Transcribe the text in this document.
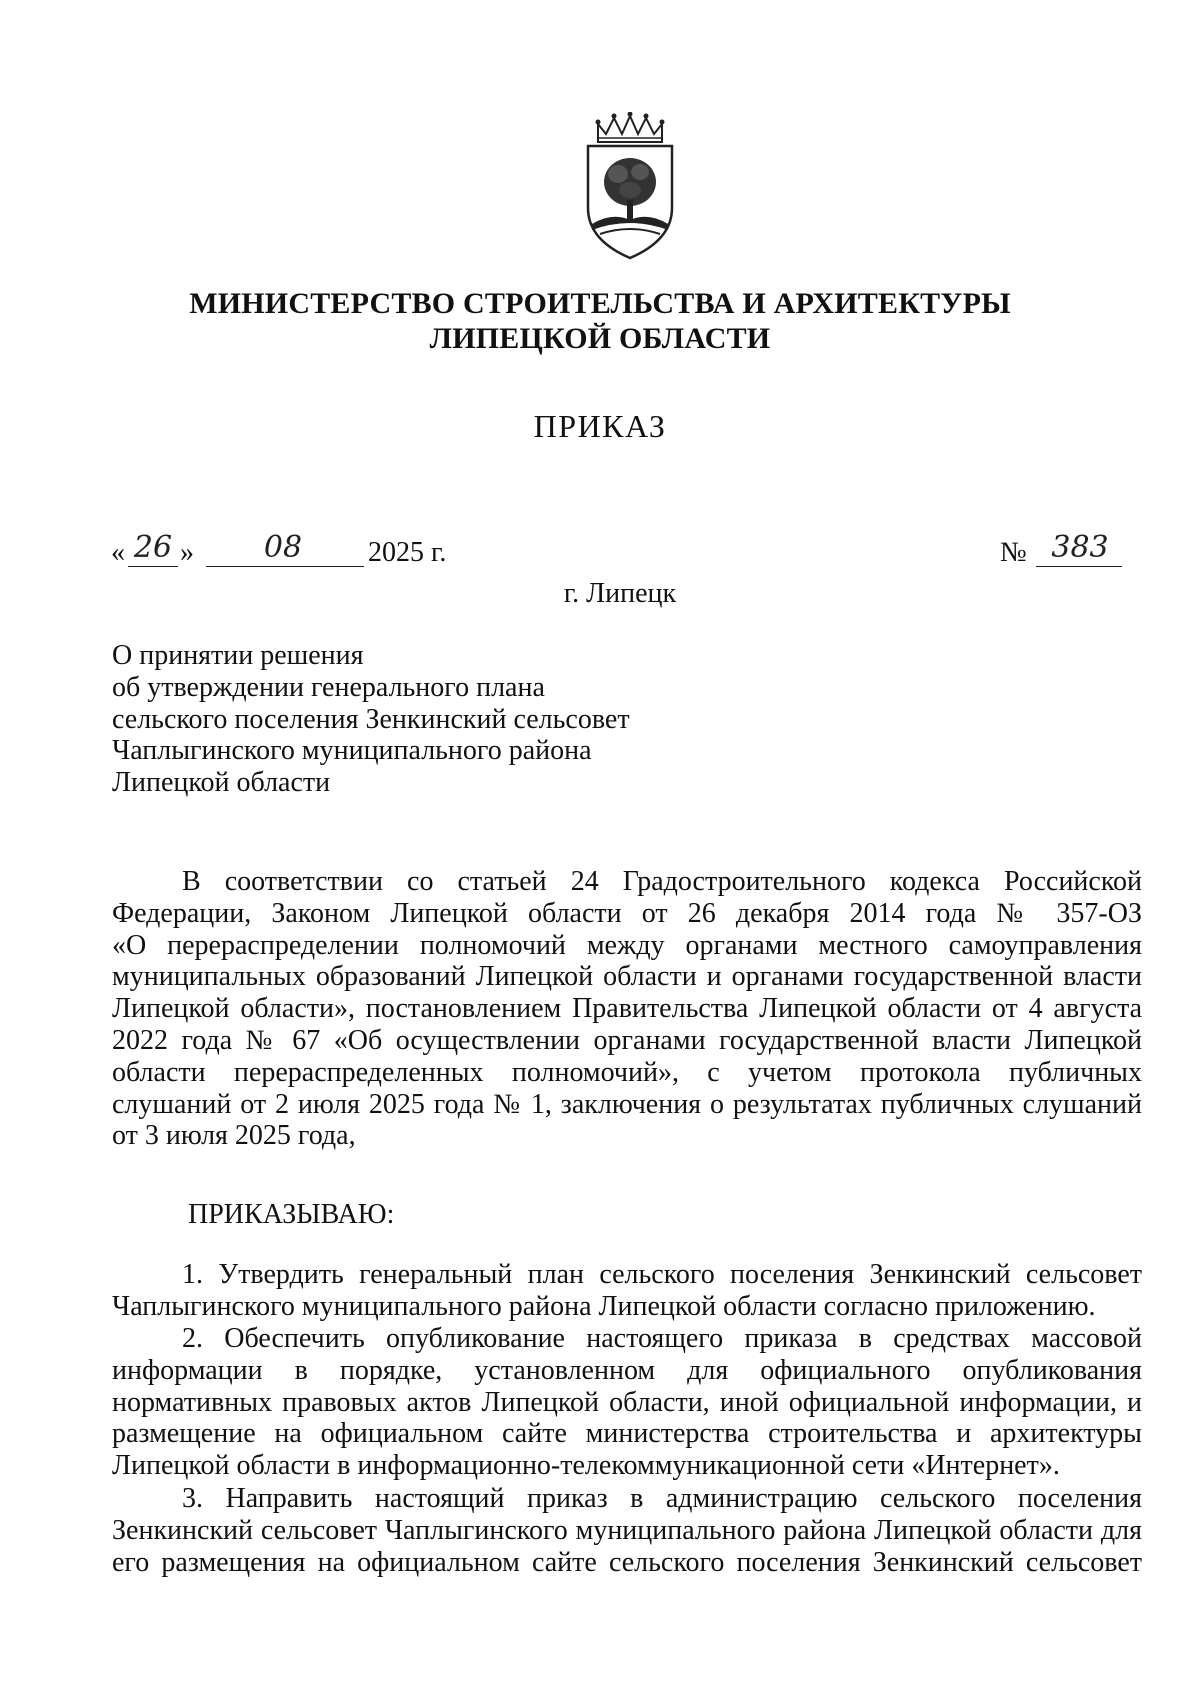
МИНИСТЕРСТВО СТРОИТЕЛЬСТВА И АРХИТЕКТУРЫ
ЛИПЕЦКОЙ ОБЛАСТИ
ПРИКАЗ
« 26 »	08	2025 г.	№ 383
г. Липецк
О принятии решения
об утверждении генерального плана
сельского поселения Зенкинский сельсовет
Чаплыгинского муниципального района
Липецкой области
В соответствии со статьей 24 Градостроительного кодекса Российской
Федерации, Законом Липецкой области от 26 декабря 2014 года № 357-ОЗ
«О перераспределении полномочий между органами местного самоуправления
муниципальных образований Липецкой области и органами государственной власти
Липецкой области», постановлением Правительства Липецкой области от 4 августа
2022 года № 67 «Об осуществлении органами государственной власти Липецкой
области перераспределенных полномочий», с учетом протокола публичных
слушаний от 2 июля 2025 года № 1, заключения о результатах публичных слушаний
от 3 июля 2025 года,
ПРИКАЗЫВАЮ:
1. Утвердить генеральный план сельского поселения Зенкинский сельсовет
Чаплыгинского муниципального района Липецкой области согласно приложению.
2. Обеспечить опубликование настоящего приказа в средствах массовой
информации в порядке, установленном для официального опубликования
нормативных правовых актов Липецкой области, иной официальной информации, и
размещение на официальном сайте министерства строительства и архитектуры
Липецкой области в информационно-телекоммуникационной сети «Интернет».
3. Направить настоящий приказ в администрацию сельского поселения
Зенкинский сельсовет Чаплыгинского муниципального района Липецкой области для
его размещения на официальном сайте сельского поселения Зенкинский сельсовет
